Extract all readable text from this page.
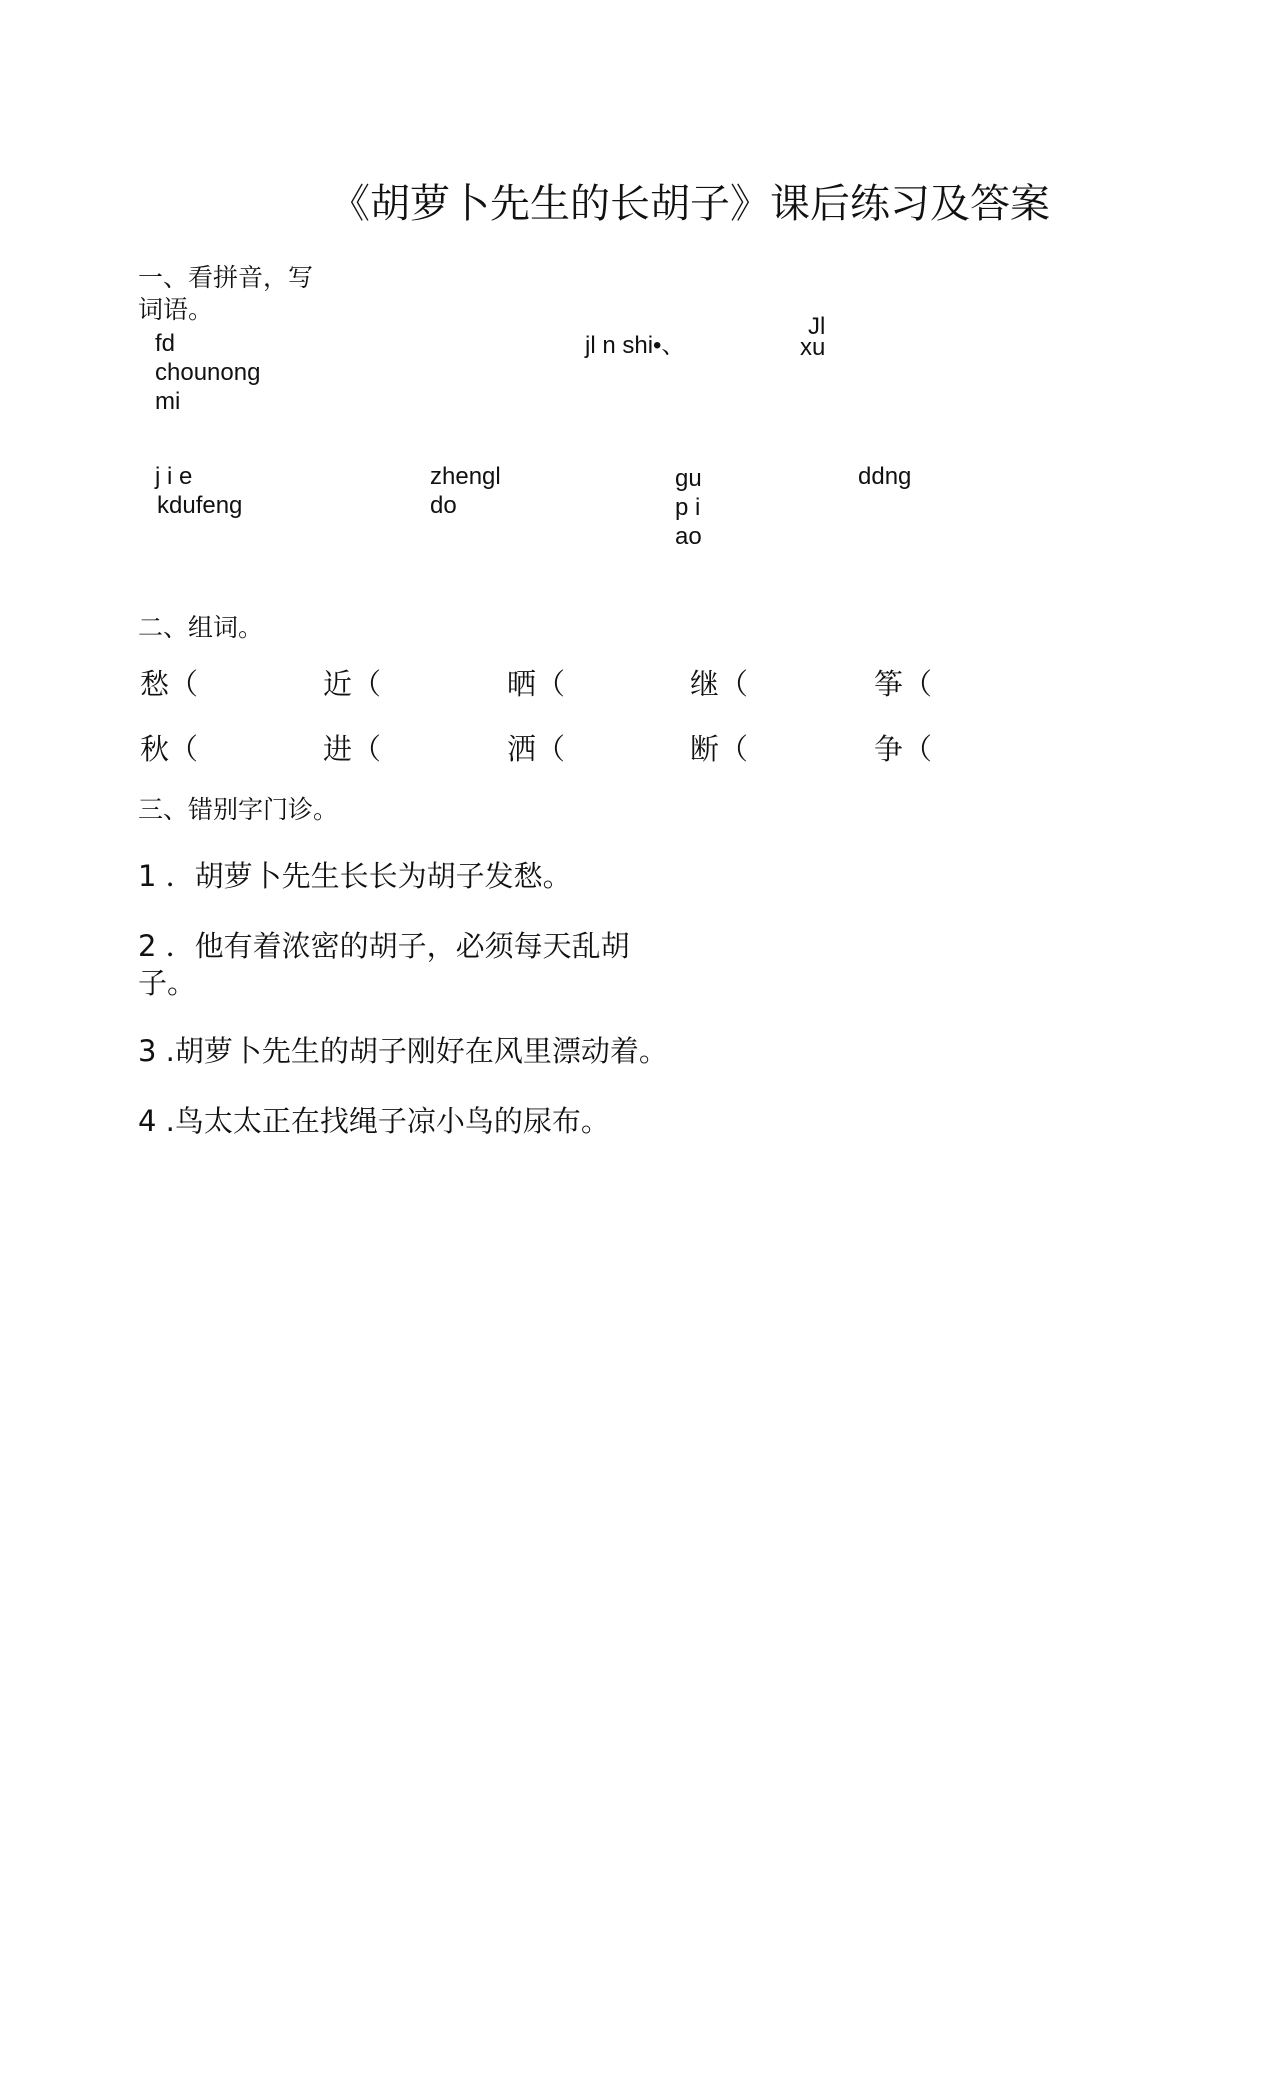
《胡萝卜先生的长胡子》课后练习及答案
一、看拼音，写
词语。
fd
chounong
mi
jl n shi•、
Jl
xu
j i e
kdufeng
zhengl
do
gu
p i
ao
ddng
二、组词。
愁（	近（	晒（	继（	筝（
秋（	进（	洒（	断（	争（
三、错别字门诊。
1 ．胡萝卜先生长长为胡子发愁。
2 ．他有着浓密的胡子，必须每天乱胡
子。
3 .胡萝卜先生的胡子刚好在风里漂动着。
4 .鸟太太正在找绳子凉小鸟的尿布。
